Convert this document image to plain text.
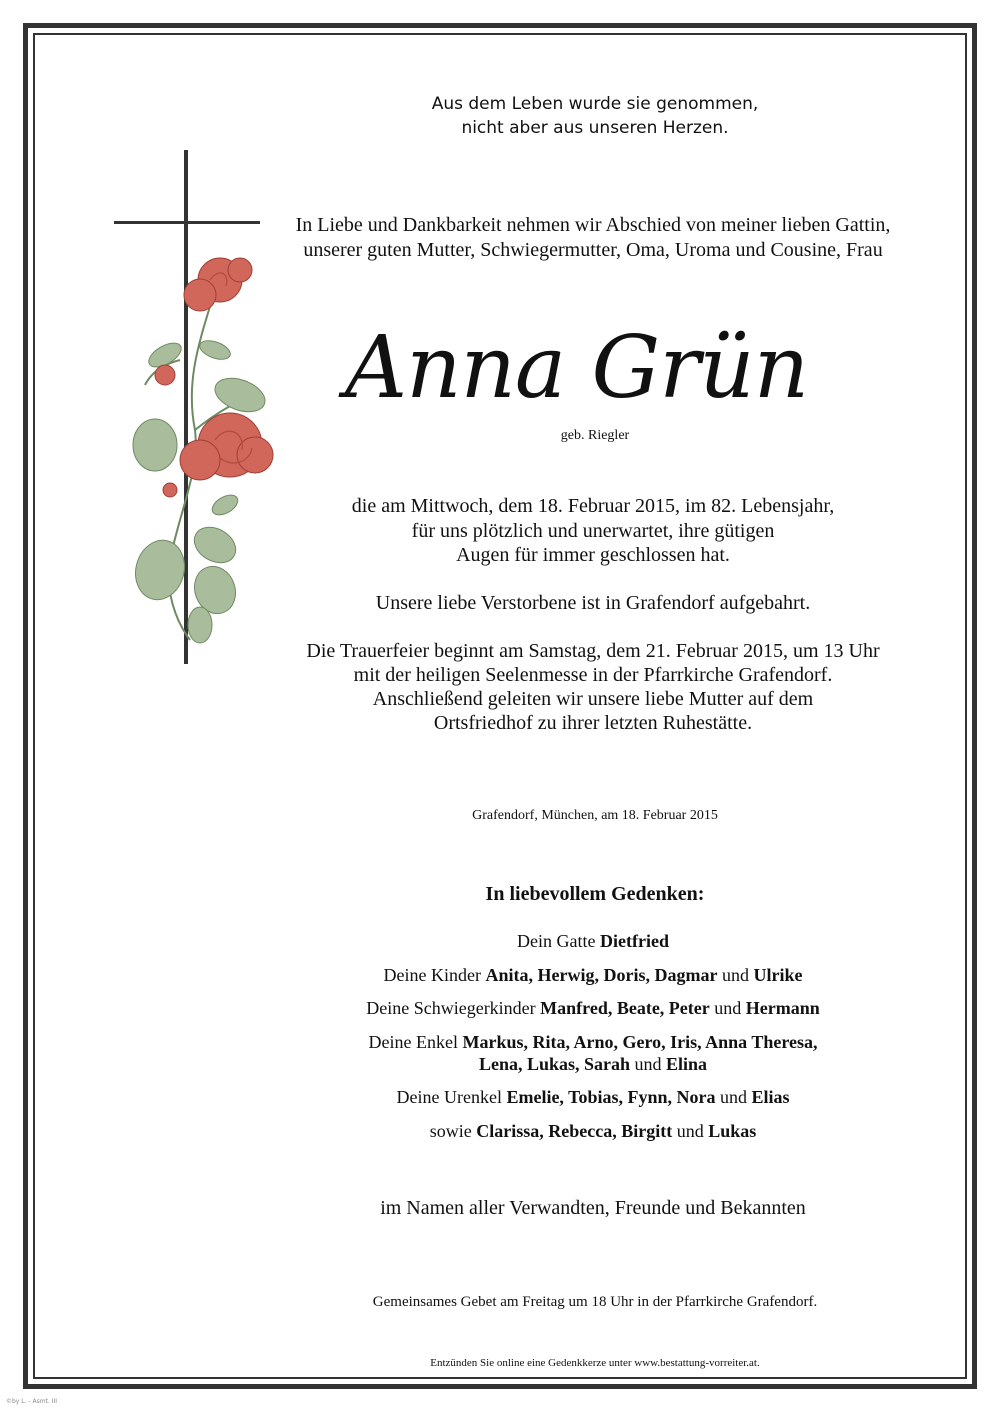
Aus dem Leben wurde sie genommen,
nicht aber aus unseren Herzen.
In Liebe und Dankbarkeit nehmen wir Abschied von meiner lieben Gattin,
unserer guten Mutter, Schwiegermutter, Oma, Uroma und Cousine, Frau
Anna Grün
geb. Riegler
die am Mittwoch, dem 18. Februar 2015, im 82. Lebensjahr,
für uns plötzlich und unerwartet, ihre gütigen
Augen für immer geschlossen hat.
Unsere liebe Verstorbene ist in Grafendorf aufgebahrt.
Die Trauerfeier beginnt am Samstag, dem 21. Februar 2015, um 13 Uhr
mit der heiligen Seelenmesse in der Pfarrkirche Grafendorf.
Anschließend geleiten wir unsere liebe Mutter auf dem
Ortsfriedhof zu ihrer letzten Ruhestätte.
Grafendorf, München, am 18. Februar 2015
In liebevollem Gedenken:
Dein Gatte Dietfried
Deine Kinder Anita, Herwig, Doris, Dagmar und Ulrike
Deine Schwiegerkinder Manfred, Beate, Peter und Hermann
Deine Enkel Markus, Rita, Arno, Gero, Iris, Anna Theresa,
Lena, Lukas, Sarah und Elina
Deine Urenkel Emelie, Tobias, Fynn, Nora und Elias
sowie Clarissa, Rebecca, Birgitt und Lukas
im Namen aller Verwandten, Freunde und Bekannten
Gemeinsames Gebet am Freitag um 18 Uhr in der Pfarrkirche Grafendorf.
Entzünden Sie online eine Gedenkkerze unter www.bestattung-vorreiter.at.
©by L. - Asmt. III
